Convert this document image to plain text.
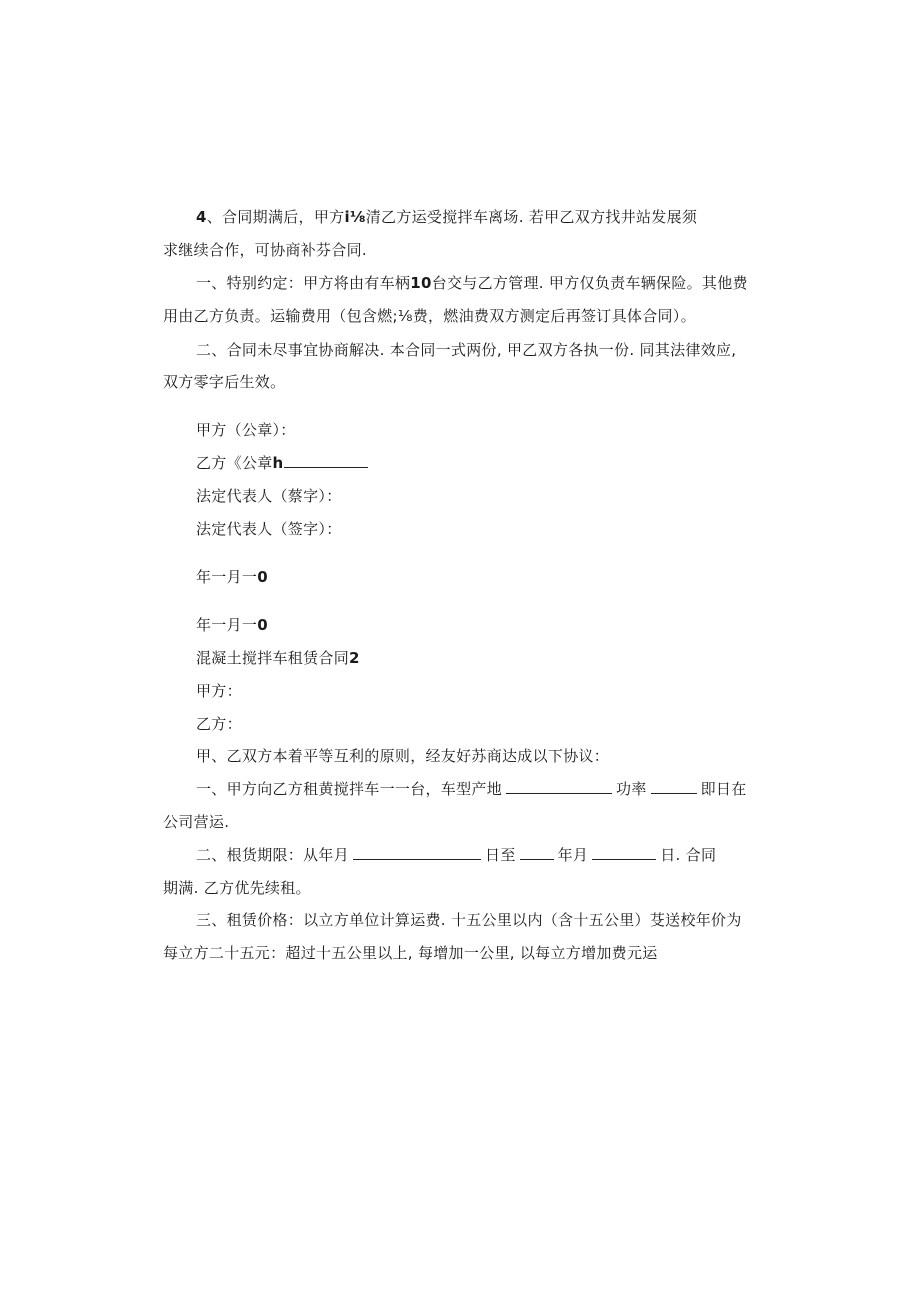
4、合同期满后，甲方i⅛清乙方运受搅拌车离场. 若甲乙双方找井站发展须
求继续合作，可协商补芬合同.
一、特别约定：甲方将由有车柄10台交与乙方管理. 甲方仅负责车辆保险。其他费
用由乙方负责。运输费用（包含燃;⅛费，燃油费双方测定后再签订具体合同）。
二、合同未尽事宜协商解决. 本合同一式两份, 甲乙双方各执一份. 同其法律效应,
双方零字后生效。
甲方（公章）：
乙方《公章h
法定代表人（蔡字）：
法定代表人（签字）：
年一月一0
年一月一0
混凝土搅拌车租赁合同2
甲方：
乙方：
甲、乙双方本着平等互利的原则，经友好苏商达成以下协议：
一、甲方向乙方租黄搅拌车一一台，车型产地	功率	即日在
公司营运.
二、根货期限：从年月	日至	年月	日. 合同
期满. 乙方优先续租。
三、租赁价格：以立方单位计算运费. 十五公里以内（含十五公里）芟送校年价为
每立方二十五元：超过十五公里以上, 每增加一公里, 以每立方增加费元运
